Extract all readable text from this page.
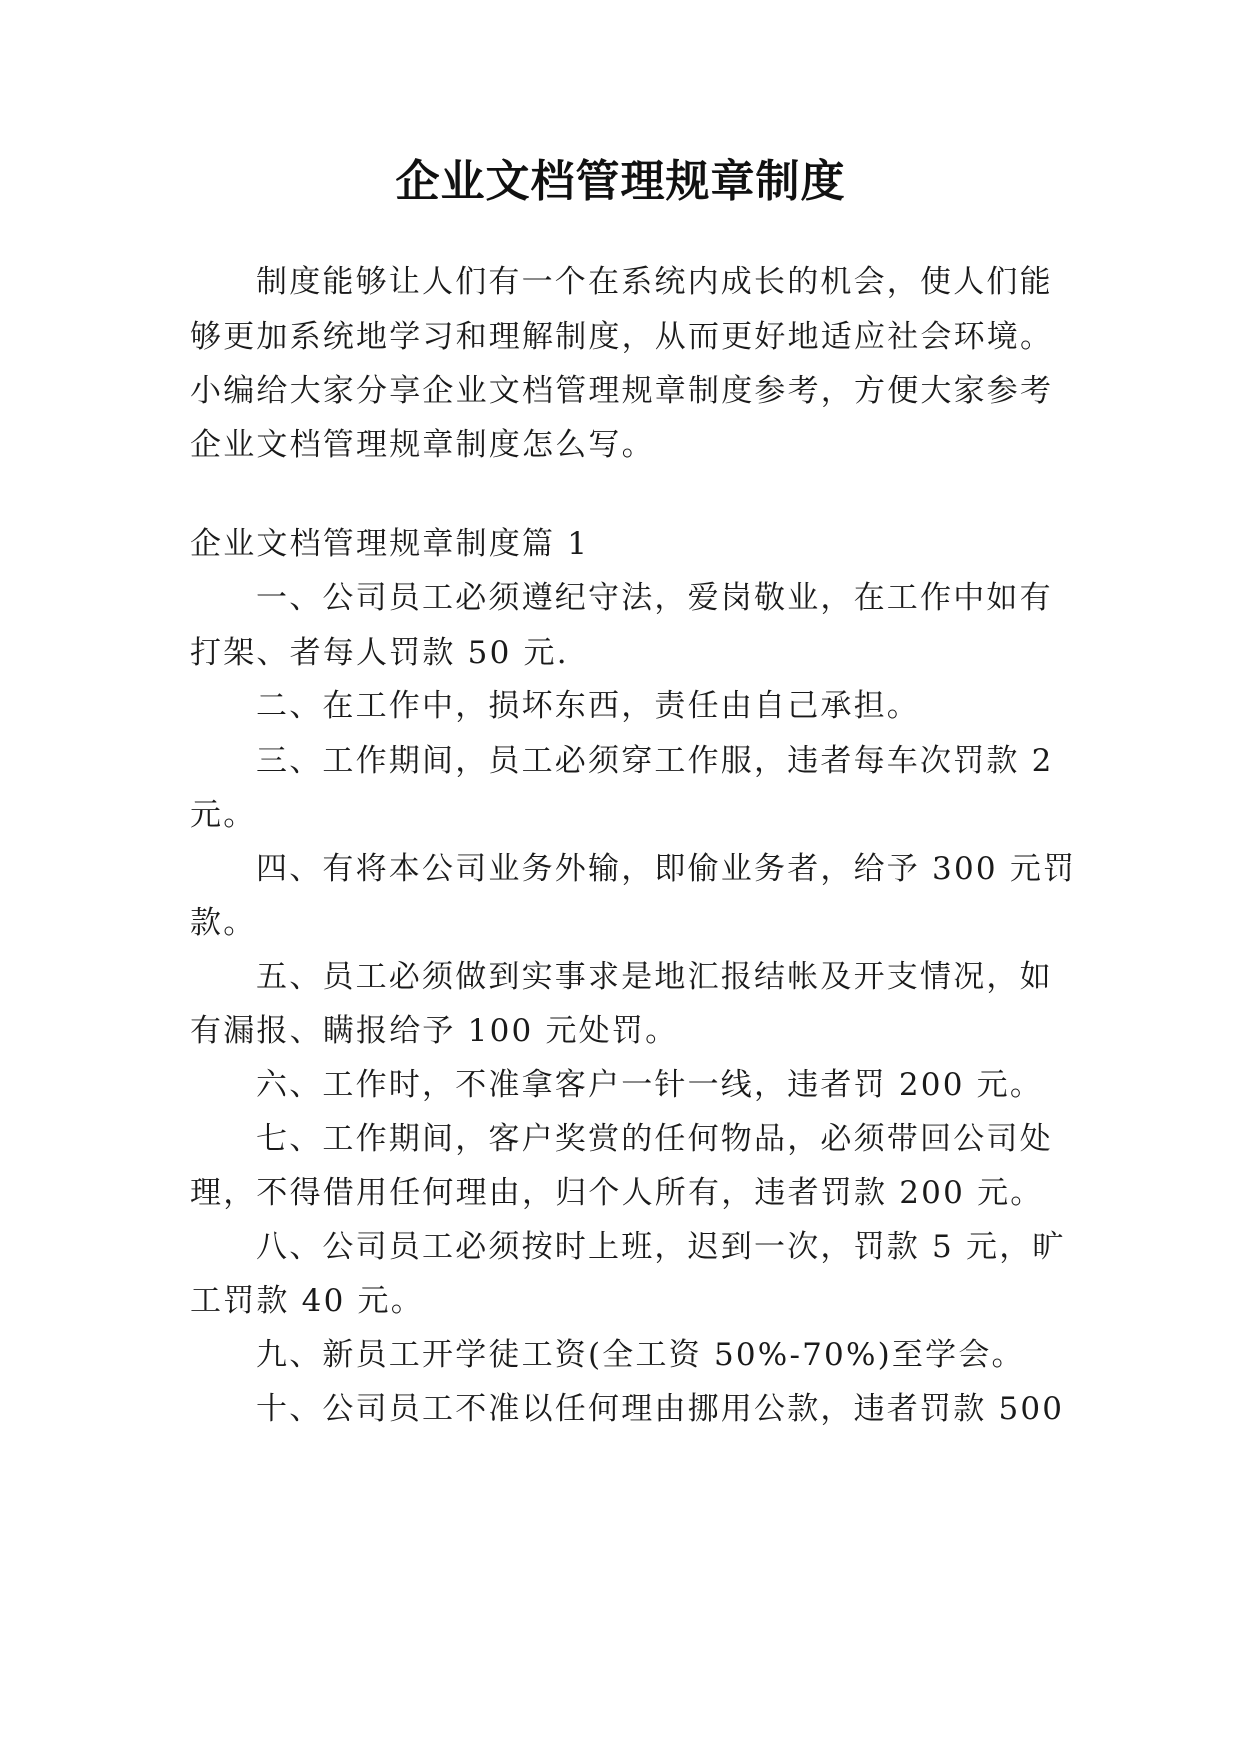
企业文档管理规章制度

制度能够让人们有一个在系统内成长的机会，使人们能

够更加系统地学习和理解制度，从而更好地适应社会环境。

小编给大家分享企业文档管理规章制度参考，方便大家参考

企业文档管理规章制度怎么写。

企业文档管理规章制度篇 1

一、公司员工必须遵纪守法，爱岗敬业，在工作中如有

打架、者每人罚款 50 元.

二、在工作中，损坏东西，责任由自己承担。

三、工作期间，员工必须穿工作服，违者每车次罚款 2

元。

四、有将本公司业务外输，即偷业务者，给予 300 元罚

款。

五、员工必须做到实事求是地汇报结帐及开支情况，如

有漏报、瞒报给予 100 元处罚。

六、工作时，不准拿客户一针一线，违者罚 200 元。

七、工作期间，客户奖赏的任何物品，必须带回公司处

理，不得借用任何理由，归个人所有，违者罚款 200 元。

八、公司员工必须按时上班，迟到一次，罚款 5 元，旷

工罚款 40 元。

九、新员工开学徒工资(全工资 50%-70%)至学会。

十、公司员工不准以任何理由挪用公款，违者罚款 500
